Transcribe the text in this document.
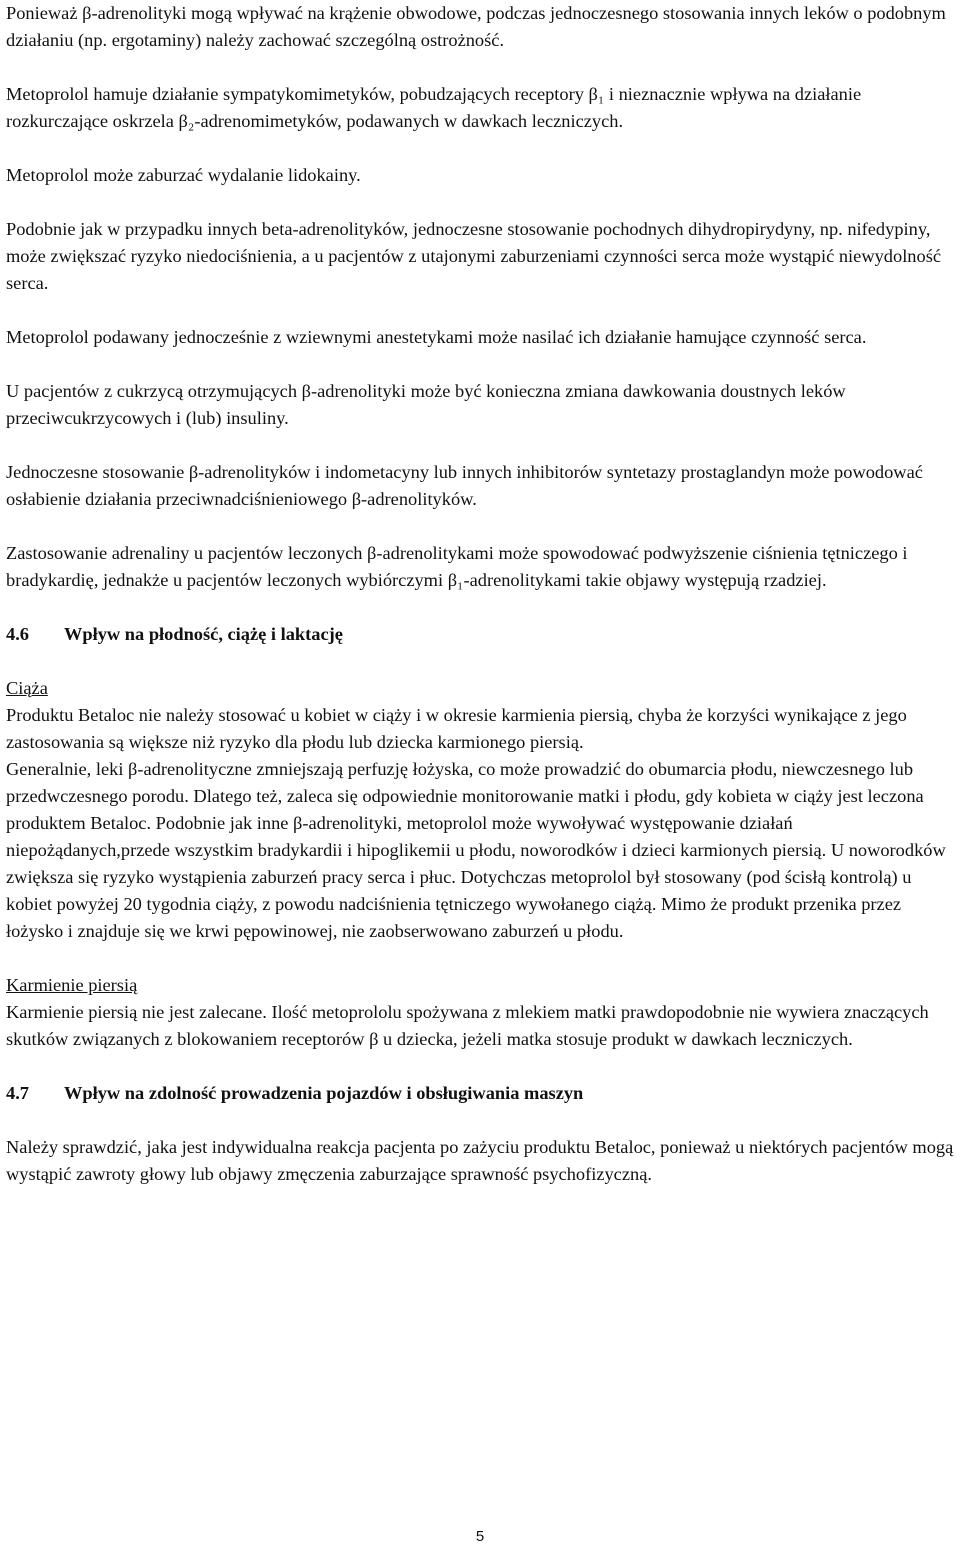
Ponieważ β-adrenolityki mogą wpływać na krążenie obwodowe, podczas jednoczesnego stosowania innych leków o podobnym działaniu (np. ergotaminy) należy zachować szczególną ostrożność.

Metoprolol hamuje działanie sympatykomimetyków, pobudzających receptory β₁ i nieznacznie wpływa na działanie rozkurczające oskrzela β₂-adrenomimetyków, podawanych w dawkach leczniczych.

Metoprolol może zaburzać wydalanie lidokainy.

Podobnie jak w przypadku innych beta-adrenolityków, jednoczesne stosowanie pochodnych dihydropirydyny, np. nifedypiny, może zwiększać ryzyko niedociśnienia, a u pacjentów z utajonymi zaburzeniami czynności serca może wystąpić niewydolność serca.

Metoprolol podawany jednocześnie z wziewnymi anestetykami może nasilać ich działanie hamujące czynność serca.

U pacjentów z cukrzycą otrzymujących β-adrenolityki może być konieczna zmiana dawkowania doustnych leków przeciwcukrzycowych i (lub) insuliny.

Jednoczesne stosowanie β-adrenolityków i indometacyny lub innych inhibitorów syntetazy prostaglandyn może powodować osłabienie działania przeciwnadciśnieniowego β-adrenolityków.

Zastosowanie adrenaliny u pacjentów leczonych β-adrenolitykami może spowodować podwyższenie ciśnienia tętniczego i bradykardię, jednakże u pacjentów leczonych wybiórczymi β₁-adrenolitykami takie objawy występują rzadziej.

4.6 Wpływ na płodność, ciążę i laktację

Ciąża

Produktu Betaloc nie należy stosować u kobiet w ciąży i w okresie karmienia piersią, chyba że korzyści wynikające z jego zastosowania są większe niż ryzyko dla płodu lub dziecka karmionego piersią.

Generalnie, leki β-adrenolityczne zmniejszają perfuzję łożyska, co może prowadzić do obumarcia płodu, niewczesnego lub przedwczesnego porodu. Dlatego też, zaleca się odpowiednie monitorowanie matki i płodu, gdy kobieta w ciąży jest leczona produktem Betaloc. Podobnie jak inne β-adrenolityki, metoprolol może wywoływać występowanie działań niepożądanych,przede wszystkim bradykardii i hipoglikemii u płodu, noworodków i dzieci karmionych piersią. U noworodków zwiększa się ryzyko wystąpienia zaburzeń pracy serca i płuc. Dotychczas metoprolol był stosowany (pod ścisłą kontrolą) u kobiet powyżej 20 tygodnia ciąży, z powodu nadciśnienia tętniczego wywołanego ciążą. Mimo że produkt przenika przez łożysko i znajduje się we krwi pępowinowej, nie zaobserwowano zaburzeń u płodu.

Karmienie piersią

Karmienie piersią nie jest zalecane. Ilość metoprololu spożywana z mlekiem matki prawdopodobnie nie wywiera znaczących skutków związanych z blokowaniem receptorów β u dziecka, jeżeli matka stosuje produkt w dawkach leczniczych.

4.7 Wpływ na zdolność prowadzenia pojazdów i obsługiwania maszyn

Należy sprawdzić, jaka jest indywidualna reakcja pacjenta po zażyciu produktu Betaloc, ponieważ u niektórych pacjentów mogą wystąpić zawroty głowy lub objawy zmęczenia zaburzające sprawność psychofizyczną.

5
